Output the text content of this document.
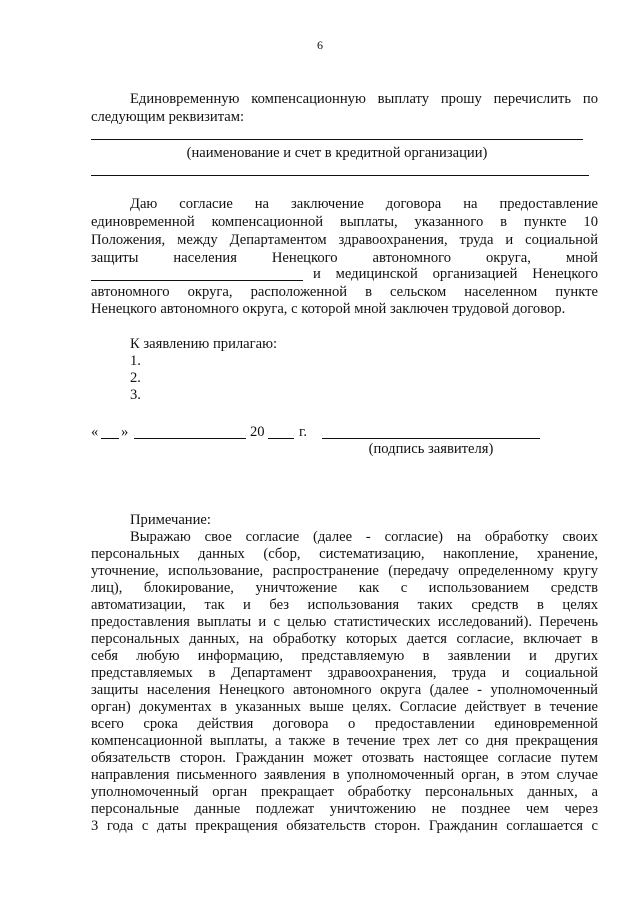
6
Единовременную компенсационную выплату прошу перечислить по
следующим реквизитам:
(наименование и счет в кредитной организации)
Даю согласие на заключение договора на предоставление
единовременной компенсационной выплаты, указанного в пункте 10
Положения, между Департаментом здравоохранения, труда и социальной
защиты населения Ненецкого автономного округа, мной
и медицинской организацией Ненецкого
автономного округа, расположенной в сельском населенном пункте
Ненецкого автономного округа, с которой мной заключен трудовой договор.
К заявлению прилагаю:
1.
2.
3.
« »	20 г.
(подпись заявителя)
Примечание:
Выражаю свое согласие (далее - согласие) на обработку своих
персональных данных (сбор, систематизацию, накопление, хранение,
уточнение, использование, распространение (передачу определенному кругу
лиц), блокирование, уничтожение как с использованием средств
автоматизации, так и без использования таких средств в целях
предоставления выплаты и с целью статистических исследований). Перечень
персональных данных, на обработку которых дается согласие, включает в
себя любую информацию, представляемую в заявлении и других
представляемых в Департамент здравоохранения, труда и социальной
защиты населения Ненецкого автономного округа (далее - уполномоченный
орган) документах в указанных выше целях. Согласие действует в течение
всего срока действия договора о предоставлении единовременной
компенсационной выплаты, а также в течение трех лет со дня прекращения
обязательств сторон. Гражданин может отозвать настоящее согласие путем
направления письменного заявления в уполномоченный орган, в этом случае
уполномоченный орган прекращает обработку персональных данных, а
персональные данные подлежат уничтожению не позднее чем через
3 года с даты прекращения обязательств сторон. Гражданин соглашается с
